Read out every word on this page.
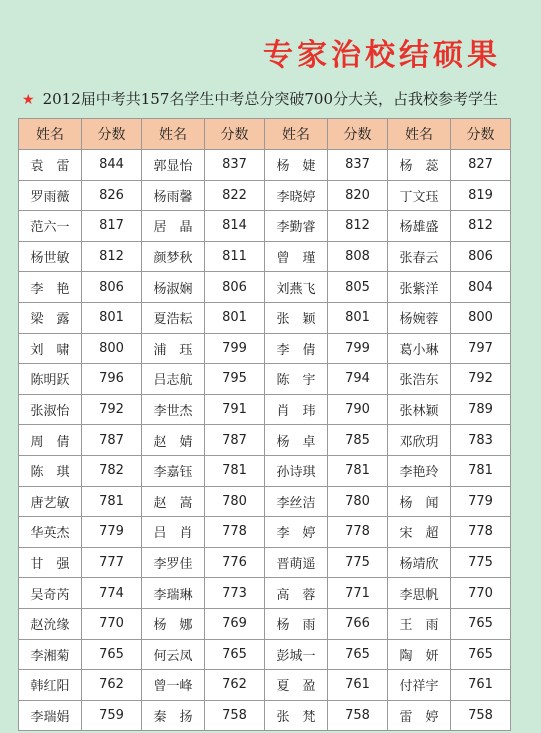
专家治校结硕果
★ 2012届中考共157名学生中考总分突破700分大关，占我校参考学生
姓名	分数	姓名	分数	姓名	分数	姓名	分数
袁　雷	844	郭显怡	837	杨　婕	837	杨　蕊	827
罗雨薇	826	杨雨馨	822	李晓婷	820	丁文珏	819
范六一	817	居　晶	814	李勤睿	812	杨雄盛	812
杨世敏	812	颜梦秋	811	曾　瑾	808	张春云	806
李　艳	806	杨淑娴	806	刘燕飞	805	张紫洋	804
梁　露	801	夏浩耘	801	张　颖	801	杨婉蓉	800
刘　啸	800	浦　珏	799	李　倩	799	葛小琳	797
陈明跃	796	吕志航	795	陈　宇	794	张浩东	792
张淑怡	792	李世杰	791	肖　玮	790	张林颖	789
周　倩	787	赵　婧	787	杨　卓	785	邓欣玥	783
陈　琪	782	李嘉钰	781	孙诗琪	781	李艳玲	781
唐艺敏	781	赵　嵩	780	李丝洁	780	杨　闻	779
华英杰	779	吕　肖	778	李　婷	778	宋　超	778
甘　强	777	李罗佳	776	晋萌遥	775	杨靖欣	775
吴奇芮	774	李瑞琳	773	高　蓉	771	李思帆	770
赵沇缘	770	杨　娜	769	杨　雨	766	王　雨	765
李湘菊	765	何云凤	765	彭城一	765	陶　妍	765
韩红阳	762	曾一峰	762	夏　盈	761	付祥宇	761
李瑞娟	759	秦　扬	758	张　梵	758	雷　婷	758
